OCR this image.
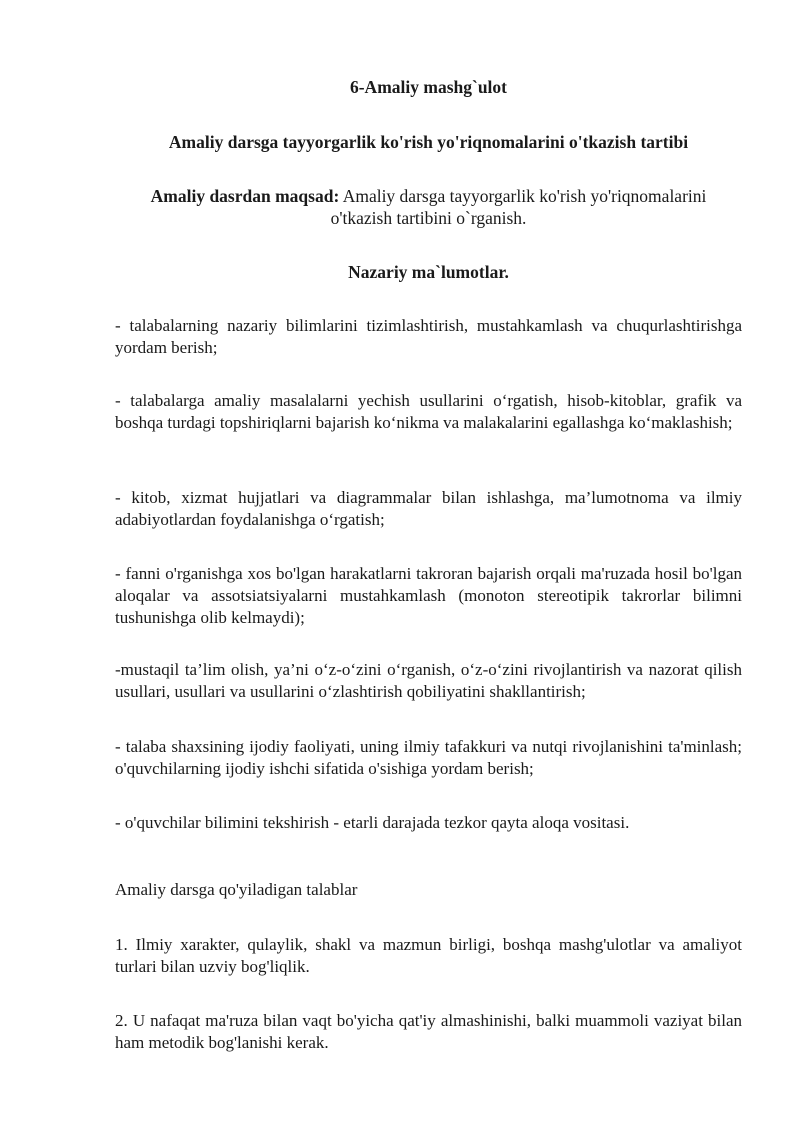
6-Amaliy mashg`ulot
Amaliy darsga tayyorgarlik ko'rish yo'riqnomalarini o'tkazish tartibi
Amaliy dasrdan maqsad: Amaliy darsga tayyorgarlik ko'rish yo'riqnomalarini o'tkazish tartibini o`rganish.
Nazariy ma`lumotlar.
- talabalarning nazariy bilimlarini tizimlashtirish, mustahkamlash va chuqurlashtirishga yordam berish;
- talabalarga amaliy masalalarni yechish usullarini o‘rgatish, hisob-kitoblar, grafik va boshqa turdagi topshiriqlarni bajarish ko‘nikma va malakalarini egallashga ko‘maklashish;
- kitob, xizmat hujjatlari va diagrammalar bilan ishlashga, ma’lumotnoma va ilmiy adabiyotlardan foydalanishga o‘rgatish;
- fanni o'rganishga xos bo'lgan harakatlarni takroran bajarish orqali ma'ruzada hosil bo'lgan aloqalar va assotsiatsiyalarni mustahkamlash (monoton stereotipik takrorlar bilimni tushunishga olib kelmaydi);
-mustaqil ta’lim olish, ya’ni o‘z-o‘zini o‘rganish, o‘z-o‘zini rivojlantirish va nazorat qilish usullari, usullari va usullarini o‘zlashtirish qobiliyatini shakllantirish;
- talaba shaxsining ijodiy faoliyati, uning ilmiy tafakkuri va nutqi rivojlanishini ta'minlash; o'quvchilarning ijodiy ishchi sifatida o'sishiga yordam berish;
- o'quvchilar bilimini tekshirish - etarli darajada tezkor qayta aloqa vositasi.
Amaliy darsga qo'yiladigan talablar
1. Ilmiy xarakter, qulaylik, shakl va mazmun birligi, boshqa mashg'ulotlar va amaliyot turlari bilan uzviy bog'liqlik.
2. U nafaqat ma'ruza bilan vaqt bo'yicha qat'iy almashinishi, balki muammoli vaziyat bilan ham metodik bog'lanishi kerak.
